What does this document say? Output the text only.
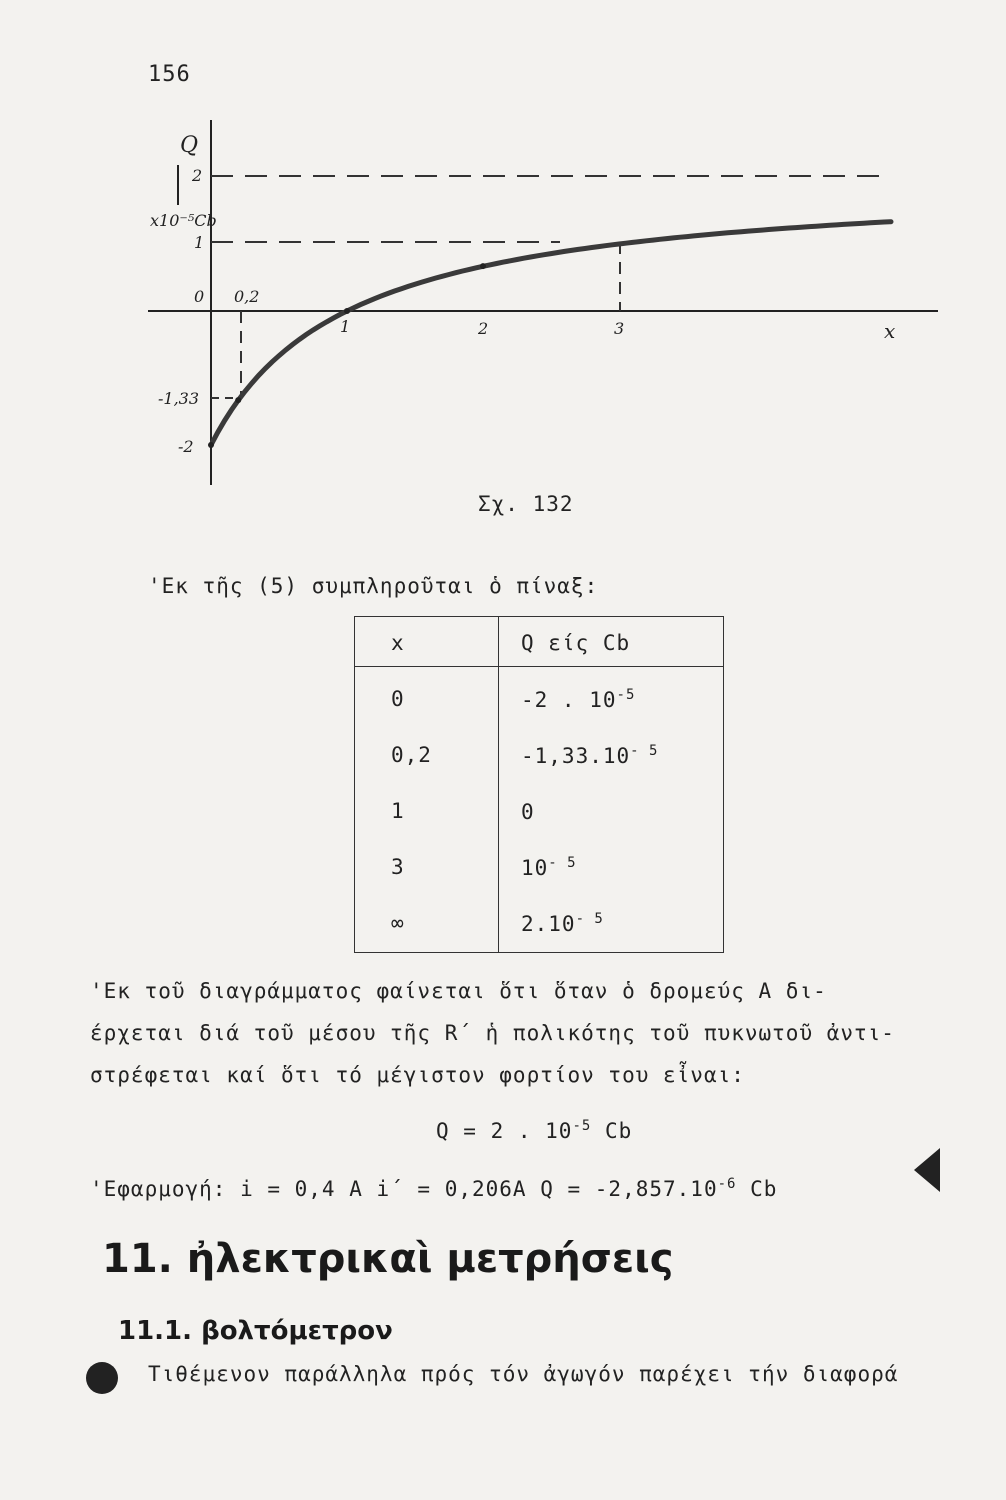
156
Q
x10⁻⁵Cb
x
2
1
0
-1,33
-2
0,2
1	2	3
Σχ. 132
'Εκ τῆς (5) συμπληροῦται ὁ πίναξ:
x	Q είς Cb
0	-2 . $10^{-5}$
0,2	$-1,33.10^{- 5}$
1	0
3	$10^{- 5}$
∞	$2.10^{- 5}$
'Εκ τοῦ διαγράμματος φαίνεται ὅτι ὅταν ὁ δρομεύς Α δι-
έρχεται διά τοῦ μέσου τῆς R΄ ἡ πολικότης τοῦ πυκνωτοῦ ἀντι-
στρέφεται καί ὅτι τό μέγιστον φορτίον του εἶναι:
Q = 2 . $10^{-5}$ Cb
'Εφαρμογή: i = 0,4 A i΄ = 0,206A $Q = -2,857.10^{-6}$ Cb
11. ἠλεκτρικαὶ μετρήσεις
11.1. βολτόμετρον
Τιθέμενον παράλληλα πρός τόν ἀγωγόν παρέχει τήν διαφορά
